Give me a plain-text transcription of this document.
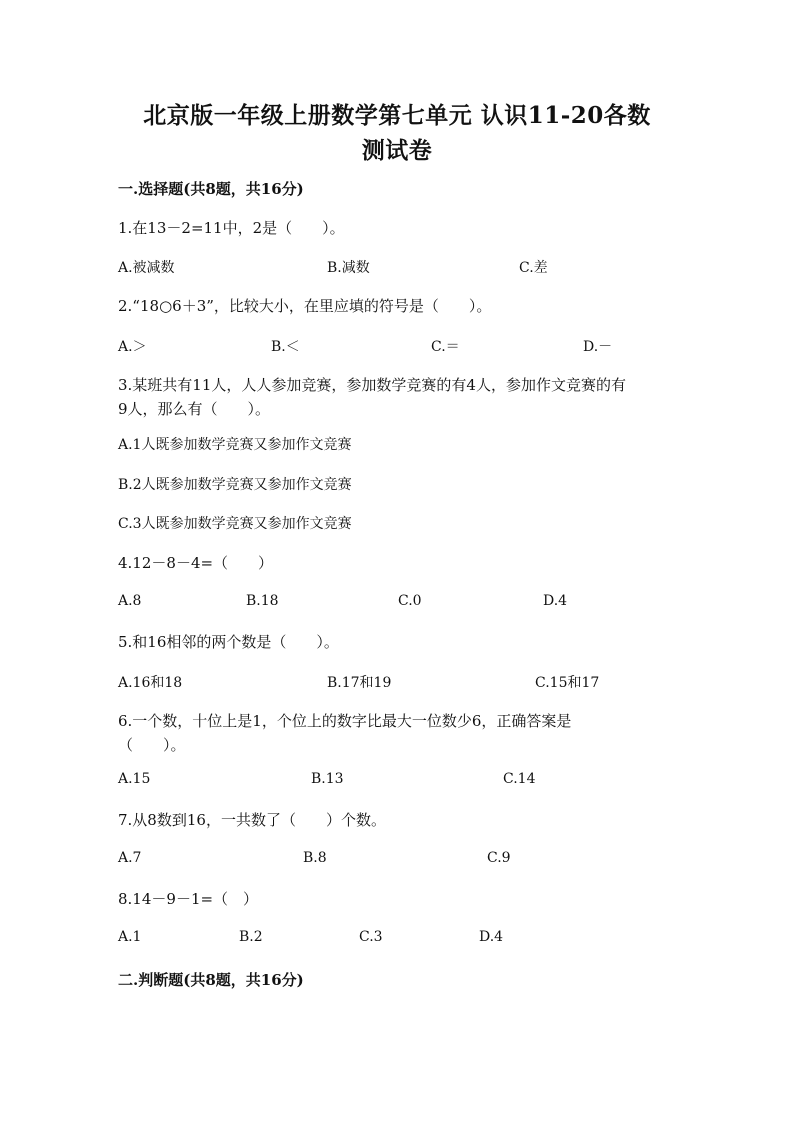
北京版一年级上册数学第七单元 认识11-20各数
测试卷
一.选择题(共8题，共16分)
1.在13－2=11中，2是（　　）。
A.被减数	B.减数	C.差
2.“18○6＋3”，比较大小，在里应填的符号是（　　）。
A.＞	B.＜	C.＝	D.－
3.某班共有11人，人人参加竞赛，参加数学竞赛的有4人，参加作文竞赛的有
9人，那么有（　　）。
A.1人既参加数学竞赛又参加作文竞赛
B.2人既参加数学竞赛又参加作文竞赛
C.3人既参加数学竞赛又参加作文竞赛
4.12－8－4=（　　）
A.8	B.18	C.0	D.4
5.和16相邻的两个数是（　　）。
A.16和18	B.17和19	C.15和17
6.一个数，十位上是1，个位上的数字比最大一位数少6，正确答案是
（　　）。
A.15	B.13	C.14
7.从8数到16，一共数了（　　）个数。
A.7	B.8	C.9
8.14－9－1=（　）
A.1	B.2	C.3	D.4
二.判断题(共8题，共16分)
